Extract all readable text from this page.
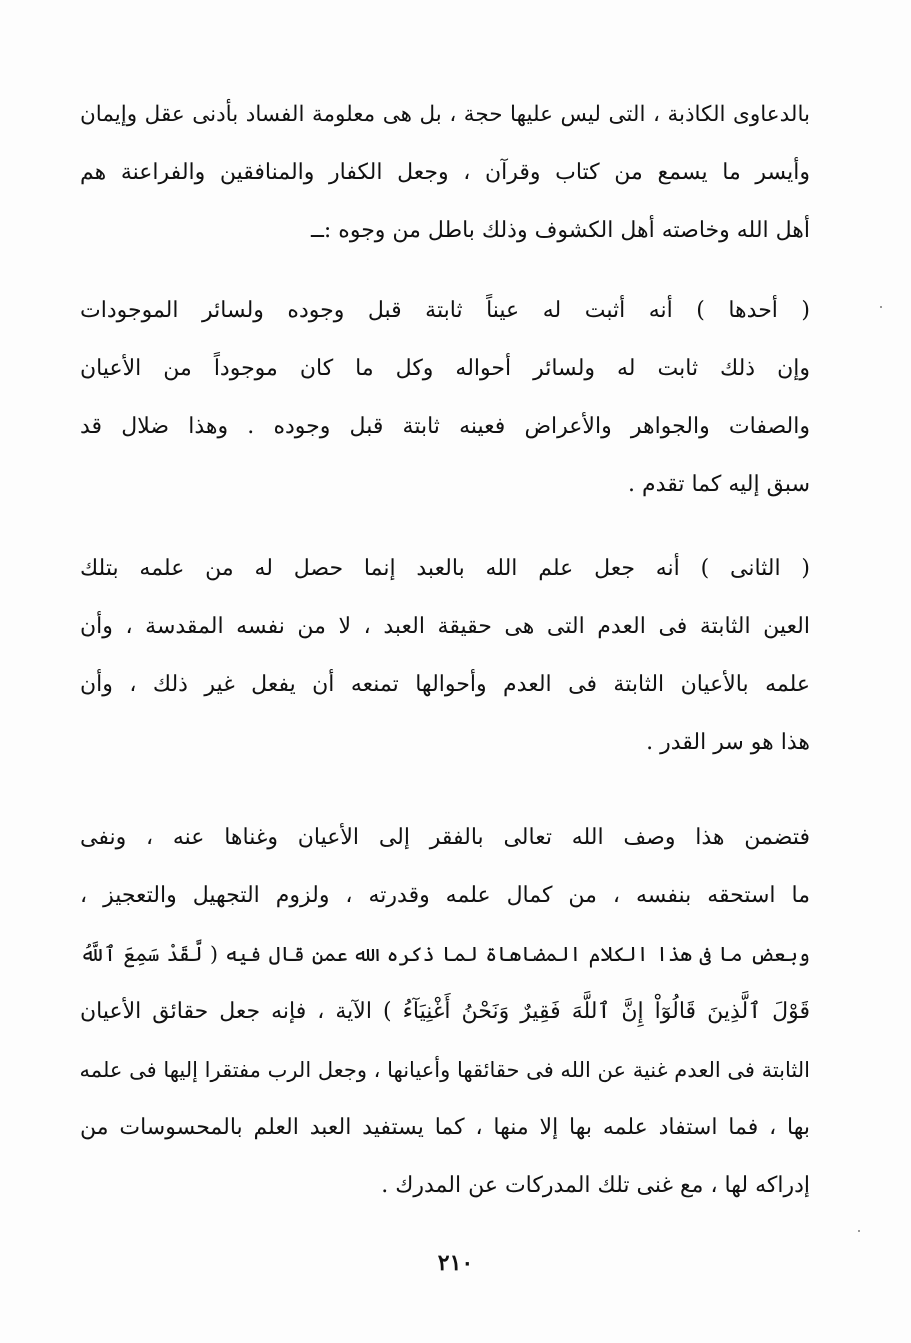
بالدعاوى الكاذبة ، التى ليس عليها حجة ، بل هى معلومة الفساد بأدنى عقل وإيمان
وأيسر ما يسمع من كتاب وقرآن ، وجعل الكفار والمنافقين والفراعنة هم
أهل الله وخاصته أهل الكشوف وذلك باطل من وجوه :ــ
( أحدها ) أنه أثبت له عيناً ثابتة قبل وجوده ولسائر الموجودات
وإن ذلك ثابت له ولسائر أحواله وكل ما كان موجوداً من الأعيان
والصفات والجواهر والأعراض فعينه ثابتة قبل وجوده . وهذا ضلال قد
سبق إليه كما تقدم .
( الثانى ) أنه جعل علم الله بالعبد إنما حصل له من علمه بتلك
العين الثابتة فى العدم التى هى حقيقة العبد ، لا من نفسه المقدسة ، وأن
علمه بالأعيان الثابتة فى العدم وأحوالها تمنعه أن يفعل غير ذلك ، وأن
هذا هو سر القدر .
فتضمن هذا وصف الله تعالى بالفقر إلى الأعيان وغناها عنه ، ونفى
ما استحقه بنفسه ، من كمال علمه وقدرته ، ولزوم التجهيل والتعجيز ،
وبعض ما فى هذا الكلام المضاهاة لما ذكره الله عمن قال فيه ( لَّقَدْ سَمِعَ ٱللَّهُ
قَوْلَ ٱلَّذِينَ قَالُوٓاْ إِنَّ ٱللَّهَ فَقِيرٌ وَنَحْنُ أَغْنِيَآءُ ) الآية ، فإنه جعل حقائق الأعيان
الثابتة فى العدم غنية عن الله فى حقائقها وأعيانها ، وجعل الرب مفتقرا إليها فى علمه
بها ، فما استفاد علمه بها إلا منها ، كما يستفيد العبد العلم بالمحسوسات من
إدراكه لها ، مع غنى تلك المدركات عن المدرك .
٢١٠
